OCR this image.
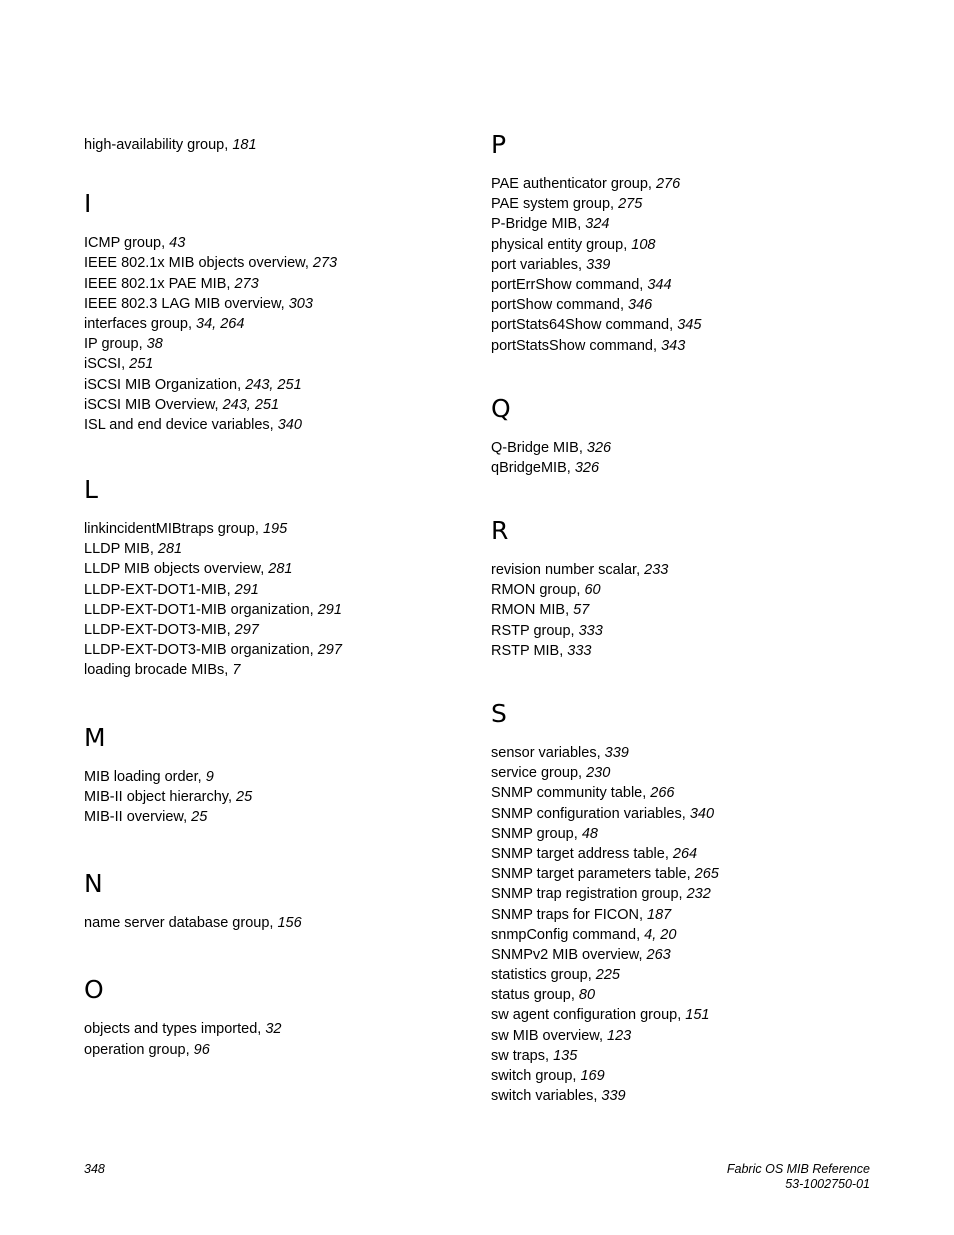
high-availability group, 181
I
ICMP group, 43
IEEE 802.1x MIB objects overview, 273
IEEE 802.1x PAE MIB, 273
IEEE 802.3 LAG MIB overview, 303
interfaces group, 34, 264
IP group, 38
iSCSI, 251
iSCSI MIB Organization, 243, 251
iSCSI MIB Overview, 243, 251
ISL and end device variables, 340
L
linkincidentMIBtraps group, 195
LLDP MIB, 281
LLDP MIB objects overview, 281
LLDP-EXT-DOT1-MIB, 291
LLDP-EXT-DOT1-MIB organization, 291
LLDP-EXT-DOT3-MIB, 297
LLDP-EXT-DOT3-MIB organization, 297
loading brocade MIBs, 7
M
MIB loading order, 9
MIB-II object hierarchy, 25
MIB-II overview, 25
N
name server database group, 156
O
objects and types imported, 32
operation group, 96
P
PAE authenticator group, 276
PAE system group, 275
P-Bridge MIB, 324
physical entity group, 108
port variables, 339
portErrShow command, 344
portShow command, 346
portStats64Show command, 345
portStatsShow command, 343
Q
Q-Bridge MIB, 326
qBridgeMIB, 326
R
revision number scalar, 233
RMON group, 60
RMON MIB, 57
RSTP group, 333
RSTP MIB, 333
S
sensor variables, 339
service group, 230
SNMP community table, 266
SNMP configuration variables, 340
SNMP group, 48
SNMP target address table, 264
SNMP target parameters table, 265
SNMP trap registration group, 232
SNMP traps for FICON, 187
snmpConfig command, 4, 20
SNMPv2 MIB overview, 263
statistics group, 225
status group, 80
sw agent configuration group, 151
sw MIB overview, 123
sw traps, 135
switch group, 169
switch variables, 339
348	Fabric OS MIB Reference
53-1002750-01
